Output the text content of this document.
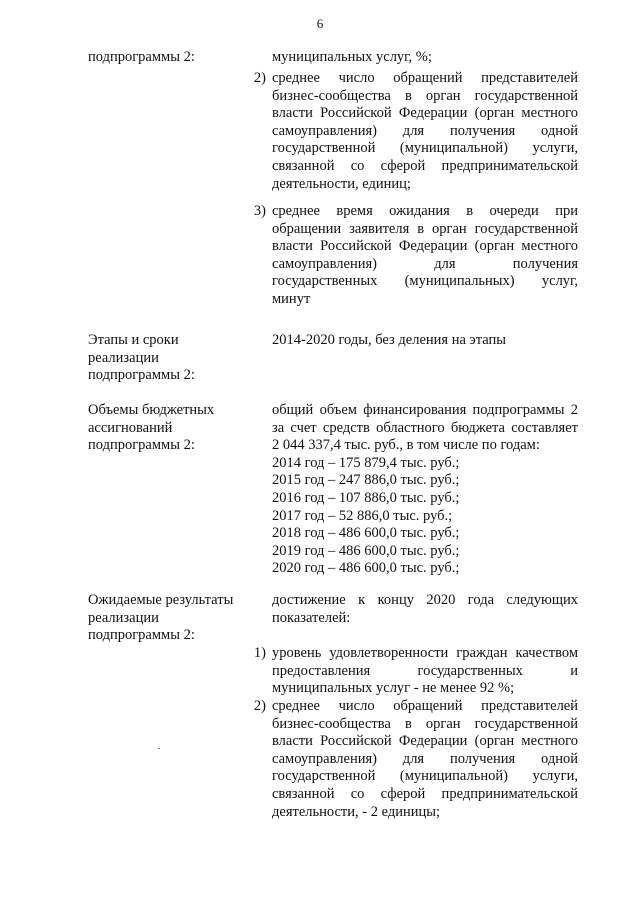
6
подпрограммы 2:	муниципальных услуг, %;
2) среднее число обращений представителей
бизнес-сообщества в орган государственной
власти Российской Федерации (орган местного
самоуправления) для получения одной
государственной (муниципальной) услуги,
связанной со сферой предпринимательской
деятельности, единиц;
3) среднее время ожидания в очереди при
обращении заявителя в орган государственной
власти Российской Федерации (орган местного
самоуправления) для получения
государственных (муниципальных) услуг,
минут
Этапы и сроки
реализации
подпрограммы 2:
2014-2020 годы, без деления на этапы
Объемы бюджетных
ассигнований
подпрограммы 2:
общий объем финансирования подпрограммы 2
за счет средств областного бюджета составляет
2 044 337,4 тыс. руб., в том числе по годам:
2014 год – 175 879,4 тыс. руб.;
2015 год – 247 886,0 тыс. руб.;
2016 год – 107 886,0 тыс. руб.;
2017 год – 52 886,0 тыс. руб.;
2018 год – 486 600,0 тыс. руб.;
2019 год – 486 600,0 тыс. руб.;
2020 год – 486 600,0 тыс. руб.;
Ожидаемые результаты
реализации
подпрограммы 2:
достижение к концу 2020 года следующих
показателей:
1) уровень удовлетворенности граждан качеством
предоставления государственных и
муниципальных услуг - не менее 92 %;
2) среднее число обращений представителей
бизнес-сообщества в орган государственной
власти Российской Федерации (орган местного
самоуправления) для получения одной
государственной (муниципальной) услуги,
связанной со сферой предпринимательской
деятельности, - 2 единицы;
